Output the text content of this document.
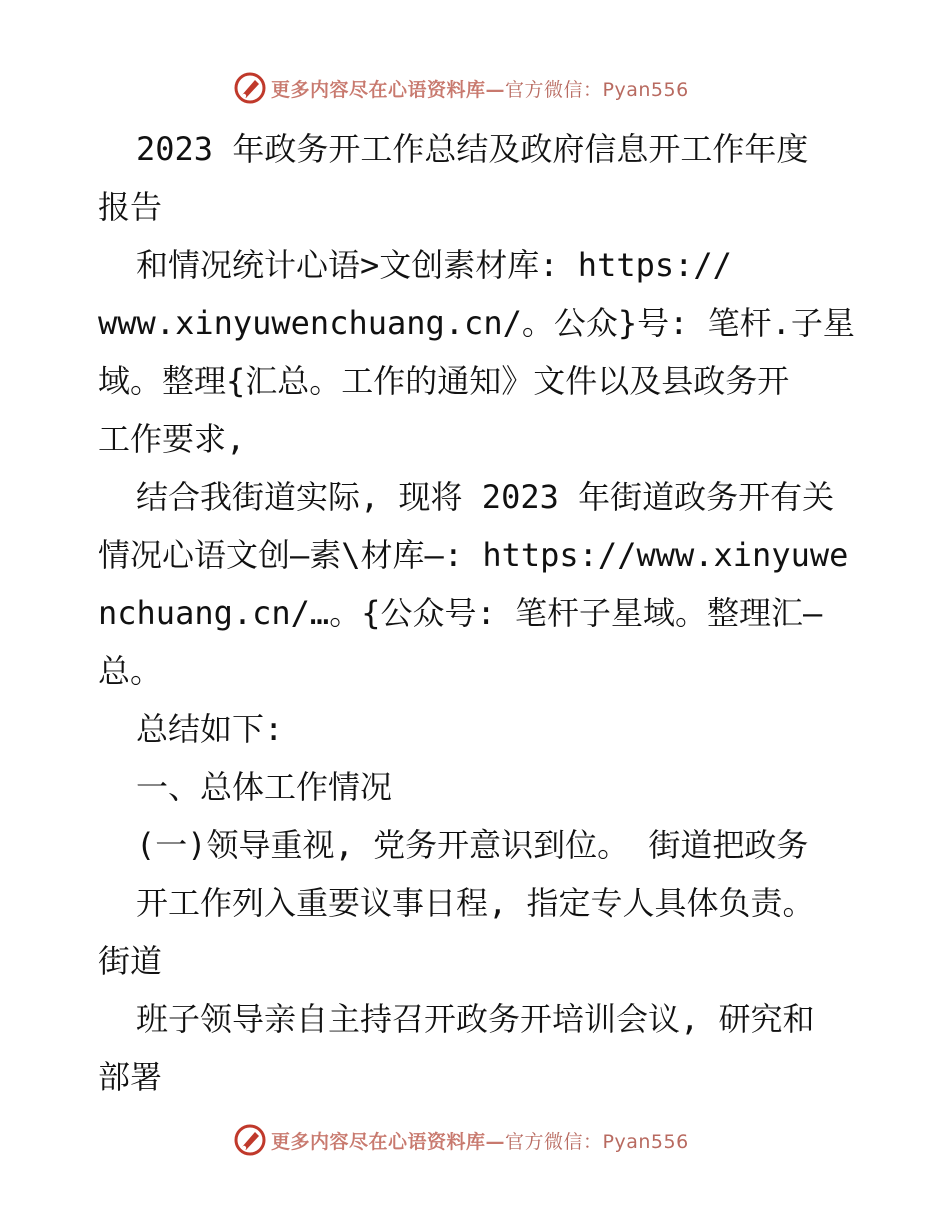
更多内容尽在心语资料库—官方微信：Pyan556
2023 年政务开工作总结及政府信息开工作年度
报告
和情况统计心语>文创素材库: https://
www.xinyuwenchuang.cn/。公众}号: 笔杆.子星
域。整理{汇总。工作的通知》文件以及县政务开
工作要求,
结合我街道实际, 现将 2023 年街道政务开有关
情况心语文创—素\材库—: https://www.xinyuwe
nchuang.cn/…。{公众号: 笔杆子星域。整理汇—
总。
总结如下:
一、总体工作情况
(一)领导重视, 党务开意识到位。 街道把政务
开工作列入重要议事日程, 指定专人具体负责。
街道
班子领导亲自主持召开政务开培训会议, 研究和
部署
更多内容尽在心语资料库—官方微信：Pyan556
